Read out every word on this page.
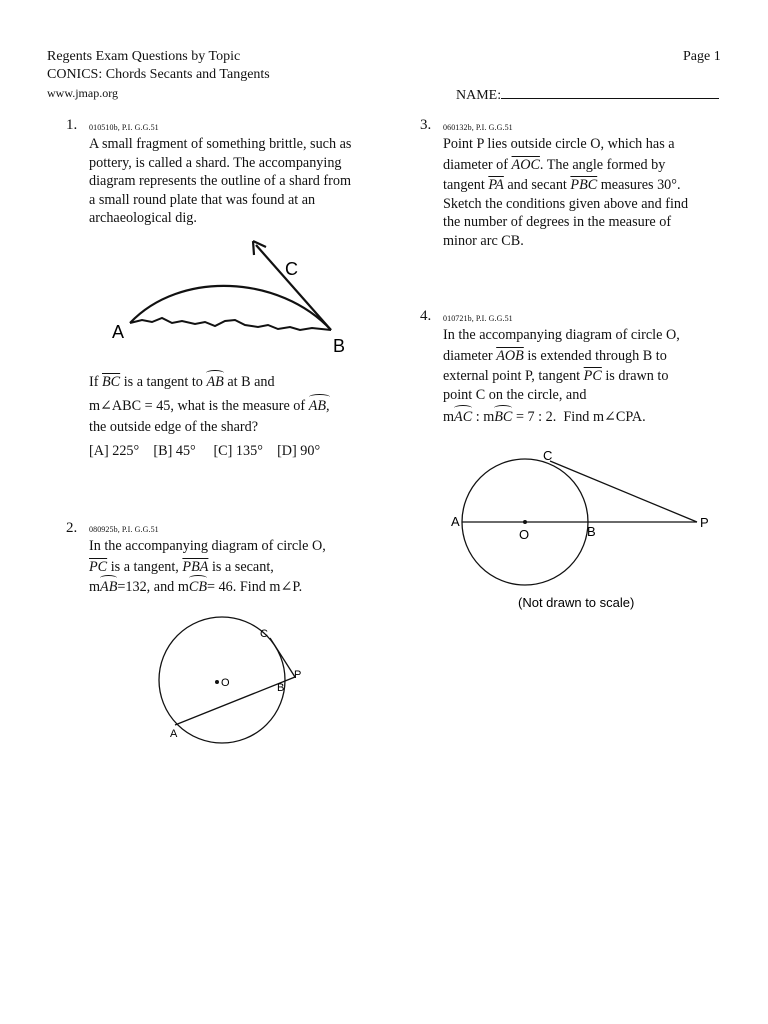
Regents Exam Questions by Topic
CONICS: Chords Secants and Tangents
www.jmap.org
Page 1
NAME:
1. 010510b, P.I. G.G.51
A small fragment of something brittle, such as
pottery, is called a shard. The accompanying
diagram represents the outline of a shard from
a small round plate that was found at an
archaeological dig.
A
B
C
If $\overline{BC}$ is a tangent to AB at B and
m∠ABC = 45, what is the measure of AB,
the outside edge of the shard?
[A] 225° [B] 45° [C] 135° [D] 90°
2. 080925b, P.I. G.G.51
In the accompanying diagram of circle O,
$\overline{PC}$ is a tangent, $\overline{PBA}$ is a secant,
mAB=132, and mCB= 46. Find m∠P.
C
O
P
B
A
3. 060132b, P.I. G.G.51
Point P lies outside circle O, which has a
diameter of $\overline{AOC}$. The angle formed by
tangent $\overline{PA}$ and secant $\overline{PBC}$ measures 30°.
Sketch the conditions given above and find
the number of degrees in the measure of
minor arc CB.
4. 010721b, P.I. G.G.51
In the accompanying diagram of circle O,
diameter $\overline{AOB}$ is extended through B to
external point P, tangent $\overline{PC}$ is drawn to
point C on the circle, and
mAC : mBC = 7 : 2. Find m∠CPA.
C
A
O	B
P
(Not drawn to scale)
